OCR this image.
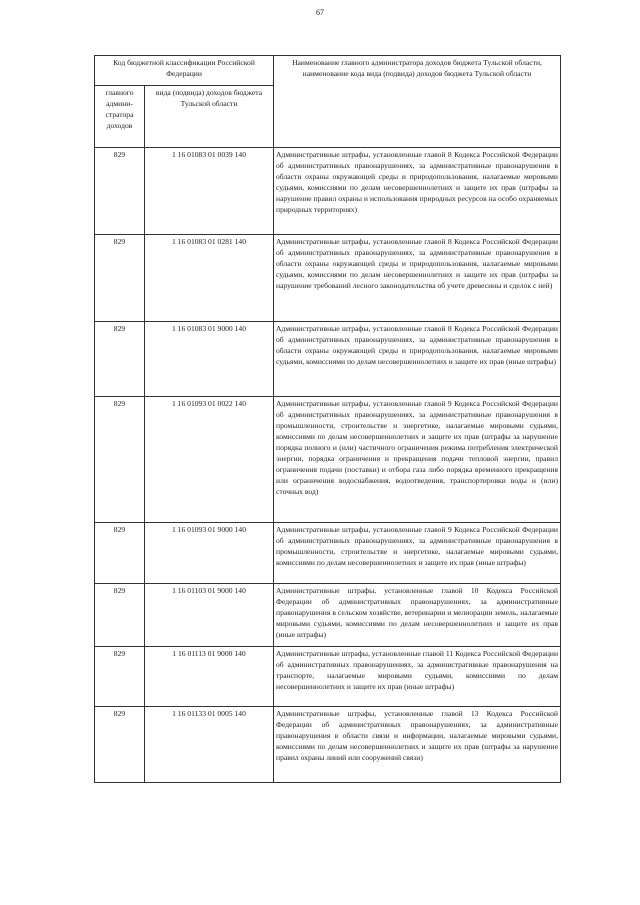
67
Код бюджетной классификации Российской Федерации		Наименование главного администратора доходов бюджета Тульской области, наименование кода вида (подвида) доходов бюджета Тульской области
главного админи-стратора доходов	вида (подвида) доходов бюджета Тульской области	
829	1 16 01083 01 0039 140	Административные штрафы, установленные главой 8 Кодекса Российской Федерации об административных правонарушениях, за административные правонарушения в области охраны окружающей среды и природопользования, налагаемые мировыми судьями, комиссиями по делам несовершеннолетних и защите их прав (штрафы за нарушение правил охраны и использования природных ресурсов на особо охраняемых природных территориях)
829	1 16 01083 01 0281 140	Административные штрафы, установленные главой 8 Кодекса Российской Федерации об административных правонарушениях, за административные правонарушения в области охраны окружающей среды и природопользования, налагаемые мировыми судьями, комиссиями по делам несовершеннолетних и защите их прав (штрафы за нарушение требований лесного законодательства об учете древесины и сделок с ней)
829	1 16 01083 01 9000 140	Административные штрафы, установленные главой 8 Кодекса Российской Федерации об административных правонарушениях, за административные правонарушения в области охраны окружающей среды и природопользования, налагаемые мировыми судьями, комиссиями по делам несовершеннолетних и защите их прав (иные штрафы)
829	1 16 01093 01 0022 140	Административные штрафы, установленные главой 9 Кодекса Российской Федерации об административных правонарушениях, за административные правонарушения в промышленности, строительстве и энергетике, налагаемые мировыми судьями, комиссиями по делам несовершеннолетних и защите их прав (штрафы за нарушение порядка полного и (или) частичного ограничения режима потребления электрической энергии, порядка ограничения и прекращения подачи тепловой энергии, правил ограничения подачи (поставки) и отбора газа либо порядка временного прекращения или ограничения водоснабжения, водоотведения, транспортировки воды и (или) сточных вод)
829	1 16 01093 01 9000 140	Административные штрафы, установленные главой 9 Кодекса Российской Федерации об административных правонарушениях, за административные правонарушения в промышленности, строительстве и энергетике, налагаемые мировыми судьями, комиссиями по делам несовершеннолетних и защите их прав (иные штрафы)
829	1 16 01103 01 9000 140	Административные штрафы, установленные главой 10 Кодекса Российской Федерации об административных правонарушениях, за административные правонарушения в сельском хозяйстве, ветеринарии и мелиорации земель, налагаемые мировыми судьями, комиссиями по делам несовершеннолетних и защите их прав (иные штрафы)
829	1 16 01113 01 9000 140	Административные штрафы, установленные главой 11 Кодекса Российской Федерации об административных правонарушениях, за административные правонарушения на транспорте, налагаемые мировыми судьями, комиссиями по делам несовершеннолетних и защите их прав (иные штрафы)
829	1 16 01133 01 0005 140	Административные штрафы, установленные главой 13 Кодекса Российской Федерации об административных правонарушениях, за административные правонарушения в области связи и информации, налагаемые мировыми судьями, комиссиями по делам несовершеннолетних и защите их прав (штрафы за нарушение правил охраны линий или сооружений связи)
